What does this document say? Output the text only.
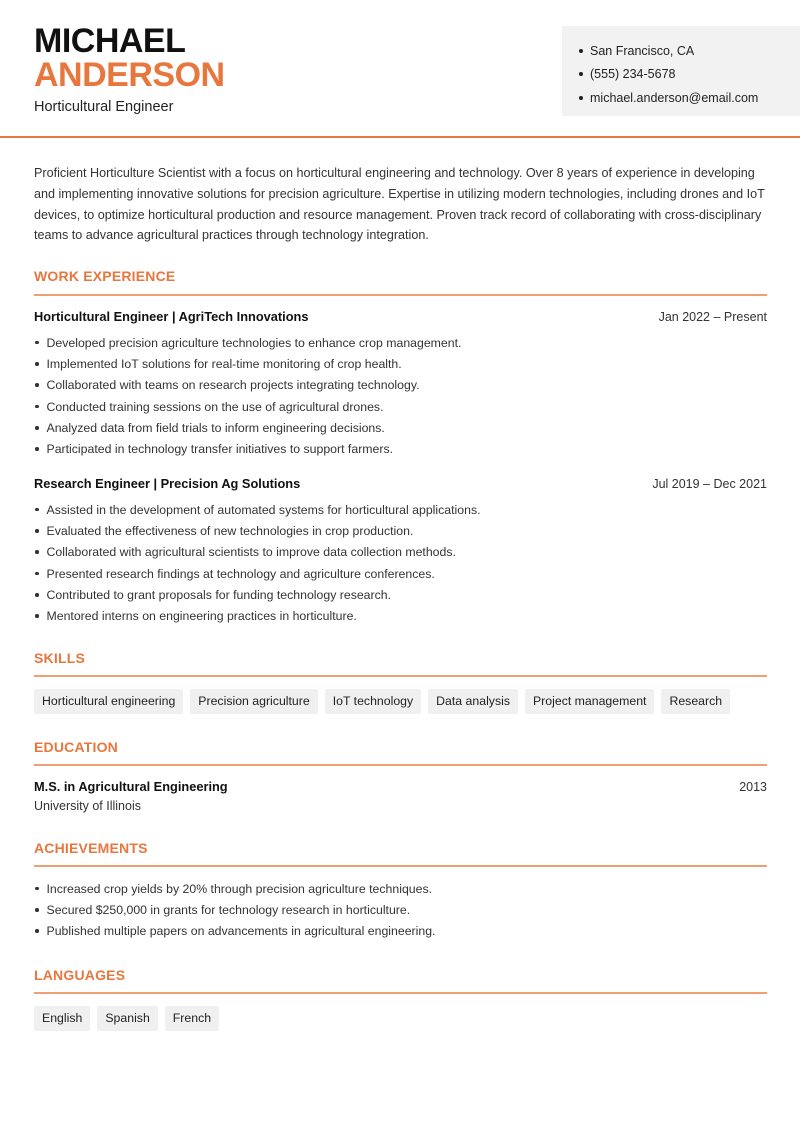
MICHAEL
ANDERSON
Horticultural Engineer
San Francisco, CA
(555) 234-5678
michael.anderson@email.com

Proficient Horticulture Scientist with a focus on horticultural engineering and technology. Over 8 years of experience in developing and implementing innovative solutions for precision agriculture. Expertise in utilizing modern technologies, including drones and IoT devices, to optimize horticultural production and resource management. Proven track record of collaborating with cross-disciplinary teams to advance agricultural practices through technology integration.

WORK EXPERIENCE
Horticultural Engineer | AgriTech Innovations	Jan 2022 – Present
Developed precision agriculture technologies to enhance crop management.
Implemented IoT solutions for real-time monitoring of crop health.
Collaborated with teams on research projects integrating technology.
Conducted training sessions on the use of agricultural drones.
Analyzed data from field trials to inform engineering decisions.
Participated in technology transfer initiatives to support farmers.
Research Engineer | Precision Ag Solutions	Jul 2019 – Dec 2021
Assisted in the development of automated systems for horticultural applications.
Evaluated the effectiveness of new technologies in crop production.
Collaborated with agricultural scientists to improve data collection methods.
Presented research findings at technology and agriculture conferences.
Contributed to grant proposals for funding technology research.
Mentored interns on engineering practices in horticulture.
SKILLS
Horticultural engineering	Precision agriculture	IoT technology	Data analysis	Project management	Research
EDUCATION
M.S. in Agricultural Engineering	2013
University of Illinois
ACHIEVEMENTS
Increased crop yields by 20% through precision agriculture techniques.
Secured $250,000 in grants for technology research in horticulture.
Published multiple papers on advancements in agricultural engineering.
LANGUAGES
English	Spanish	French
